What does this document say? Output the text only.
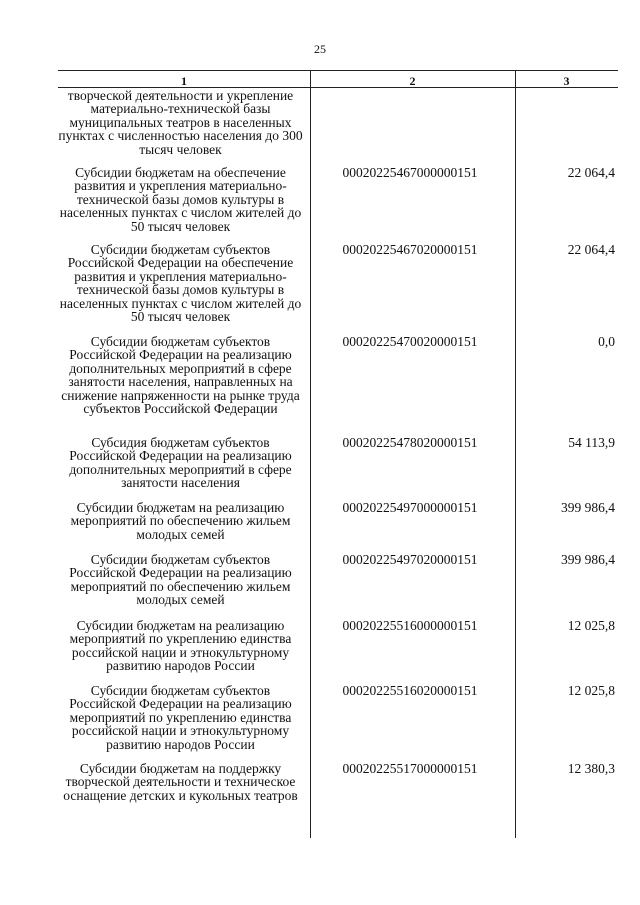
25
1	2	3
творческой деятельности и укрепление материально-технической базы муниципальных театров в населенных пунктах с численностью населения до 300 тысяч человек
Субсидии бюджетам на обеспечение развития и укрепления материально-технической базы домов культуры в населенных пунктах с числом жителей до 50 тысяч человек
00020225467000000151	22 064,4
Субсидии бюджетам субъектов Российской Федерации на обеспечение развития и укрепления материально-технической базы домов культуры в населенных пунктах с числом жителей до 50 тысяч человек
00020225467020000151	22 064,4
Субсидии бюджетам субъектов Российской Федерации на реализацию дополнительных мероприятий в сфере занятости населения, направленных на снижение напряженности на рынке труда субъектов Российской Федерации
00020225470020000151	0,0
Субсидия бюджетам субъектов Российской Федерации на реализацию дополнительных мероприятий в сфере занятости населения
00020225478020000151	54 113,9
Субсидии бюджетам на реализацию мероприятий по обеспечению жильем молодых семей
00020225497000000151	399 986,4
Субсидии бюджетам субъектов Российской Федерации на реализацию мероприятий по обеспечению жильем молодых семей
00020225497020000151	399 986,4
Субсидии бюджетам на реализацию мероприятий по укреплению единства российской нации и этнокультурному развитию народов России
00020225516000000151	12 025,8
Субсидии бюджетам субъектов Российской Федерации на реализацию мероприятий по укреплению единства российской нации и этнокультурному развитию народов России
00020225516020000151	12 025,8
Субсидии бюджетам на поддержку творческой деятельности и техническое оснащение детских и кукольных театров
00020225517000000151	12 380,3
